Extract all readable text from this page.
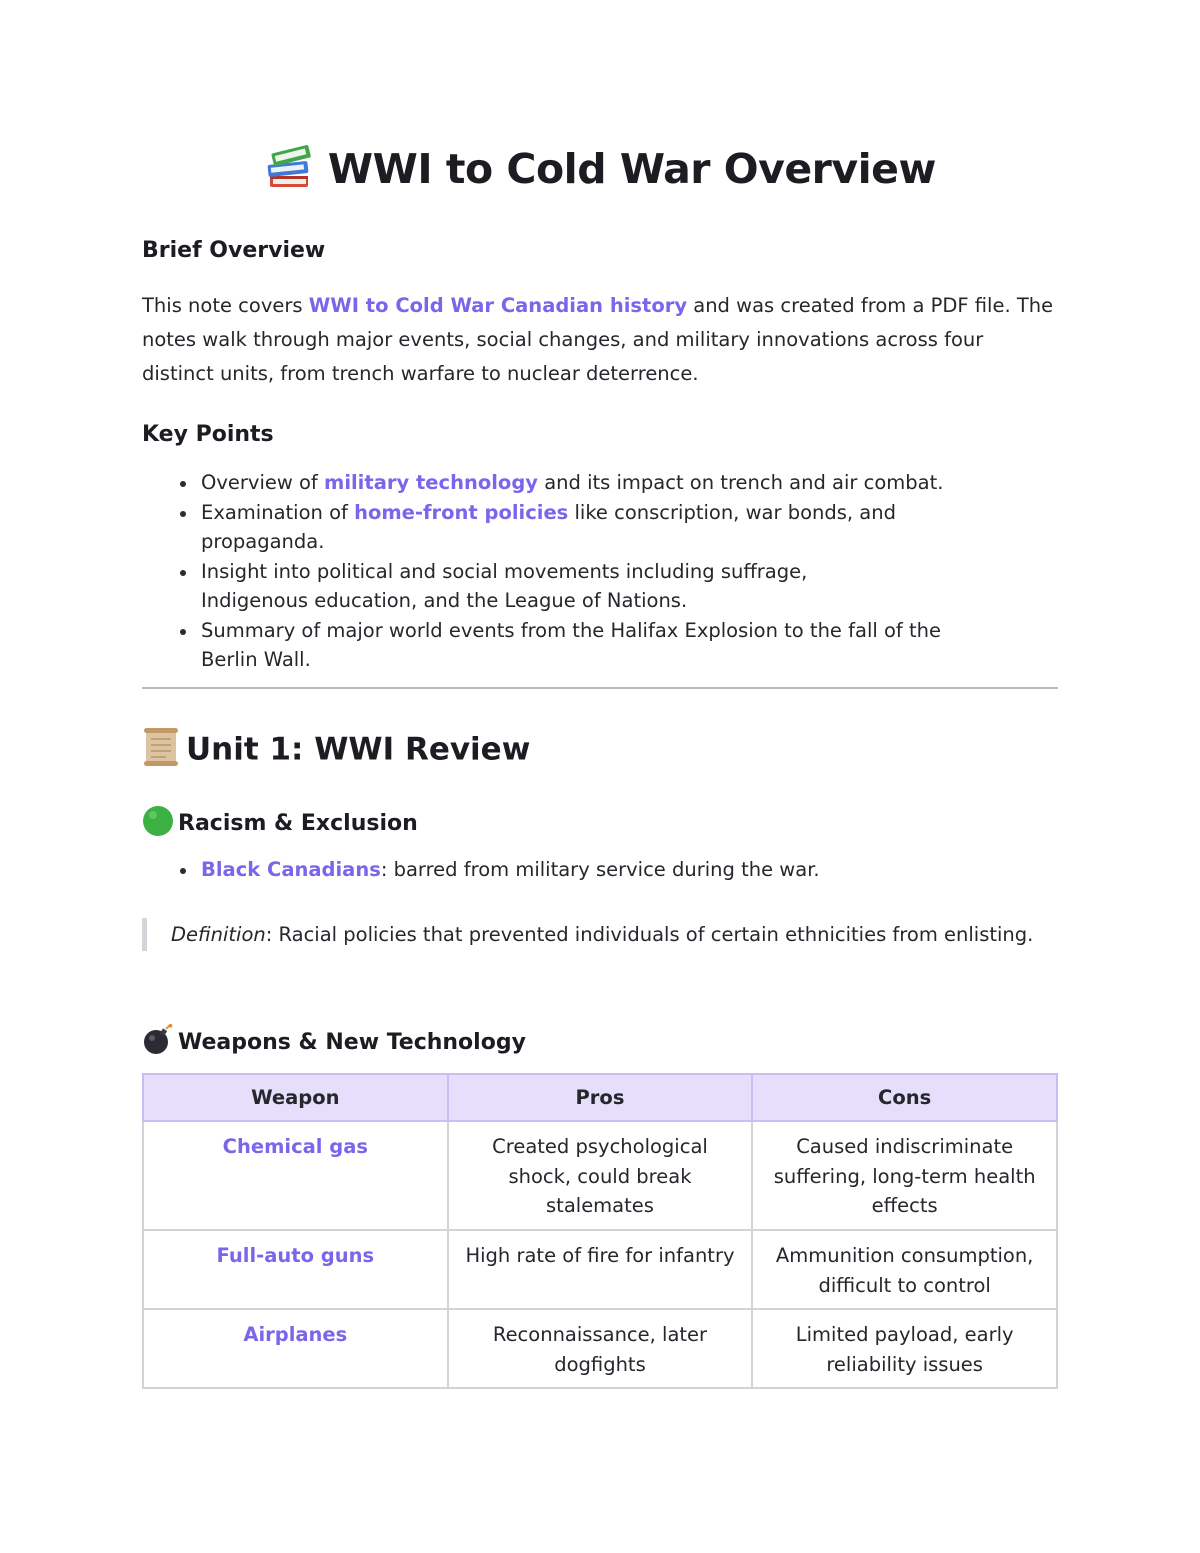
WWI to Cold War Overview
Brief Overview
This note covers WWI to Cold War Canadian history and was created from a PDF file. The notes walk through major events, social changes, and military innovations across four distinct units, from trench warfare to nuclear deterrence.
Key Points
Overview of military technology and its impact on trench and air combat.
Examination of home-front policies like conscription, war bonds, and propaganda.
Insight into political and social movements including suffrage, Indigenous education, and the League of Nations.
Summary of major world events from the Halifax Explosion to the fall of the Berlin Wall.
Unit 1: WWI Review
Racism & Exclusion
Black Canadians: barred from military service during the war.
Definition: Racial policies that prevented individuals of certain ethnicities from enlisting.
Weapons & New Technology
Weapon	Pros	Cons
Chemical gas	Created psychological shock, could break stalemates	Caused indiscriminate suffering, long-term health effects
Full-auto guns	High rate of fire for infantry	Ammunition consumption, difficult to control
Airplanes	Reconnaissance, later dogfights	Limited payload, early reliability issues
